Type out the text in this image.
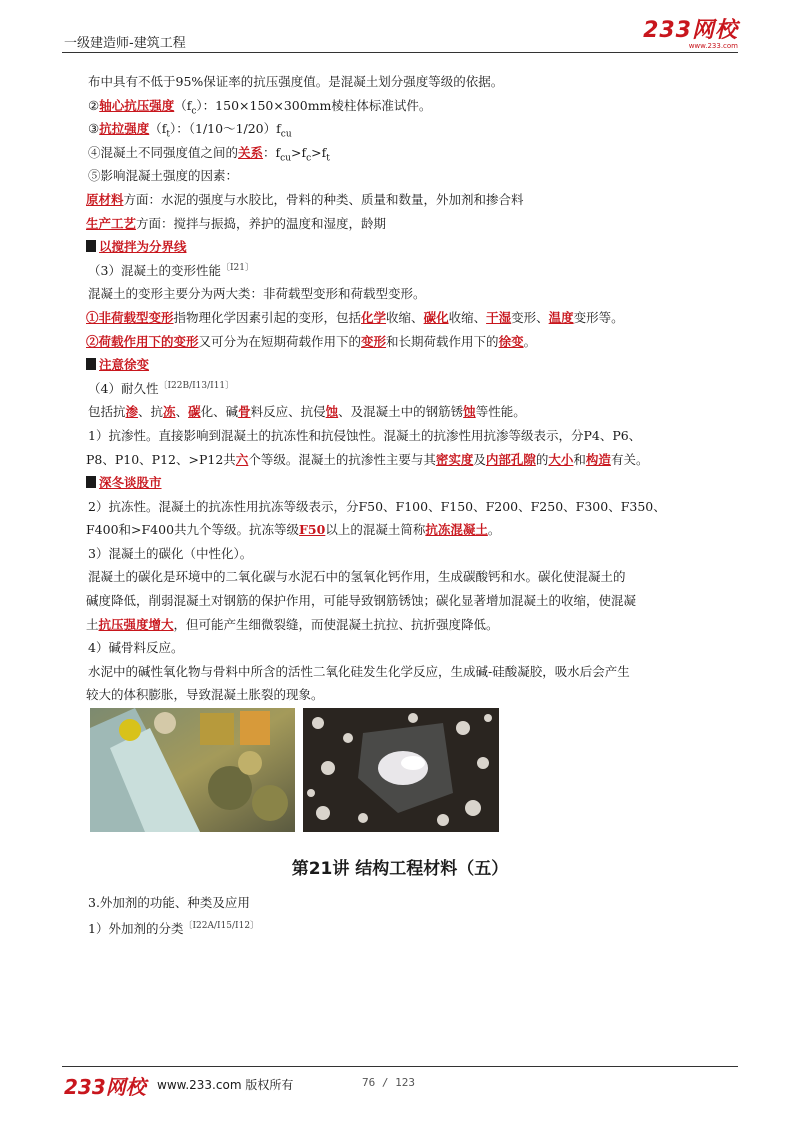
一级建造师-建筑工程
233网校
www.233.com
布中具有不低于95%保证率的抗压强度值。是混凝土划分强度等级的依据。
②轴心抗压强度$(f_c)$：150×150×300mm棱柱体标准试件。
③抗拉强度$(f_t)$：$(1/10\sim 1/20)f_{cu}$
④混凝土不同强度值之间的关系：$f_{cu}>f_c>f_t$
⑤影响混凝土强度的因素：
原材料方面：水泥的强度与水胶比，骨料的种类、质量和数量，外加剂和掺合料
生产工艺方面：搅拌与振捣，养护的温度和湿度，龄期
以搅拌为分界线
（3）混凝土的变形性能$^{〔Ⅰ21〕}$
混凝土的变形主要分为两大类：非荷载型变形和荷载型变形。
①非荷载型变形指物理化学因素引起的变形，包括化学收缩、碳化收缩、干湿变形、温度变形等。
②荷载作用下的变形又可分为在短期荷载作用下的变形和长期荷载作用下的徐变。
注意徐变
（4）耐久性$^{〔Ⅰ22B/Ⅰ13/Ⅰ11〕}$
包括抗渗、抗冻、碳化、碱骨料反应、抗侵蚀、及混凝土中的钢筋锈蚀等性能。
1）抗渗性。直接影响到混凝土的抗冻性和抗侵蚀性。混凝土的抗渗性用抗渗等级表示，分P4、P6、
P8、P10、P12、>P12共六个等级。混凝土的抗渗性主要与其密实度及内部孔隙的大小和构造有关。
深冬谈股市
2）抗冻性。混凝土的抗冻性用抗冻等级表示，分F50、F100、F150、F200、F250、F300、F350、
F400和>F400共九个等级。抗冻等级F50以上的混凝土简称抗冻混凝土。
3）混凝土的碳化（中性化）。
混凝土的碳化是环境中的二氧化碳与水泥石中的氢氧化钙作用，生成碳酸钙和水。碳化使混凝土的
碱度降低，削弱混凝土对钢筋的保护作用，可能导致钢筋锈蚀；碳化显著增加混凝土的收缩，使混凝
土抗压强度增大，但可能产生细微裂缝，而使混凝土抗拉、抗折强度降低。
4）碱骨料反应。
水泥中的碱性氧化物与骨料中所含的活性二氧化硅发生化学反应，生成碱-硅酸凝胶，吸水后会产生
较大的体积膨胀，导致混凝土胀裂的现象。
第21讲 结构工程材料（五）
3.外加剂的功能、种类及应用
1）外加剂的分类$^{〔Ⅰ22A/Ⅰ15/Ⅰ12〕}$
233网校 www.233.com 版权所有	76 / 123
